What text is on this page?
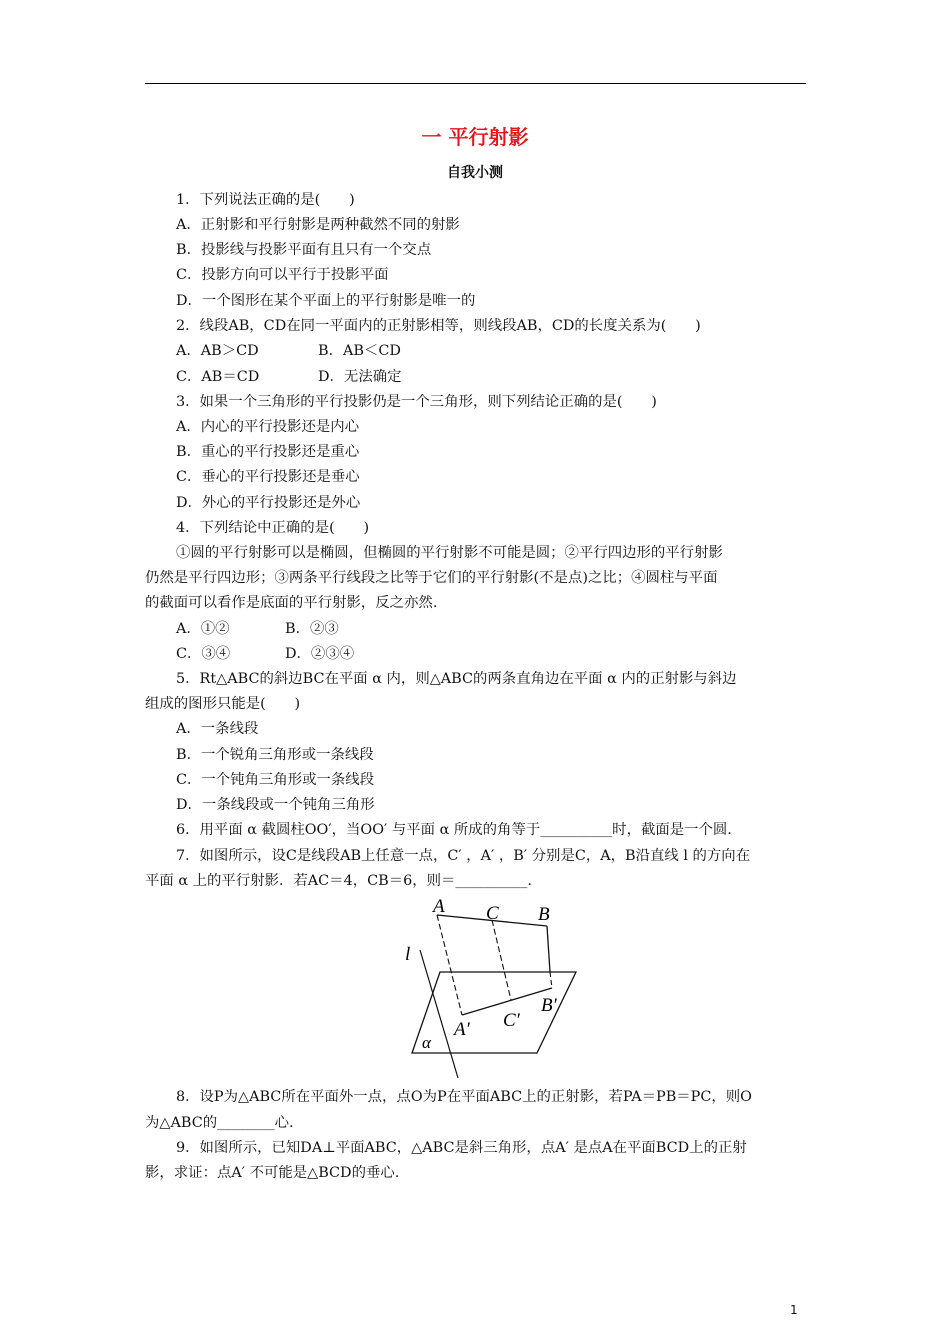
一 平行射影
自我小测
1．下列说法正确的是(　　)
A．正射影和平行射影是两种截然不同的射影
B．投影线与投影平面有且只有一个交点
C．投影方向可以平行于投影平面
D．一个图形在某个平面上的平行射影是唯一的
2．线段AB，CD在同一平面内的正射影相等，则线段AB，CD的长度关系为(　　)
A．AB＞CD	B．AB＜CD
C．AB＝CD	D．无法确定
3．如果一个三角形的平行投影仍是一个三角形，则下列结论正确的是(　　)
A．内心的平行投影还是内心
B．重心的平行投影还是重心
C．垂心的平行投影还是垂心
D．外心的平行投影还是外心
4．下列结论中正确的是(　　)
①圆的平行射影可以是椭圆，但椭圆的平行射影不可能是圆；②平行四边形的平行射影
仍然是平行四边形；③两条平行线段之比等于它们的平行射影(不是点)之比；④圆柱与平面
的截面可以看作是底面的平行射影，反之亦然.
A．①②	B．②③
C．③④	D．②③④
5．Rt△ABC的斜边BC在平面 α 内，则△ABC的两条直角边在平面 α 内的正射影与斜边
组成的图形只能是(　　)
A．一条线段
B．一个锐角三角形或一条线段
C．一个钝角三角形或一条线段
D．一条线段或一个钝角三角形
6．用平面 α 截圆柱OO′，当OO′ 与平面 α 所成的角等于__________时，截面是一个圆.
7．如图所示，设C是线段AB上任意一点，C′ ，A′ ，B′ 分别是C，A，B沿直线 l 的方向在
平面 α 上的平行射影．若AC＝4，CB＝6，则＝__________.
A C B
l
A′ C′
B′
α
8．设P为△ABC所在平面外一点，点O为P在平面ABC上的正射影，若PA＝PB＝PC，则O
为△ABC的________心.
9．如图所示，已知DA⊥平面ABC，△ABC是斜三角形，点A′ 是点A在平面BCD上的正射
影，求证：点A′ 不可能是△BCD的垂心.
1
